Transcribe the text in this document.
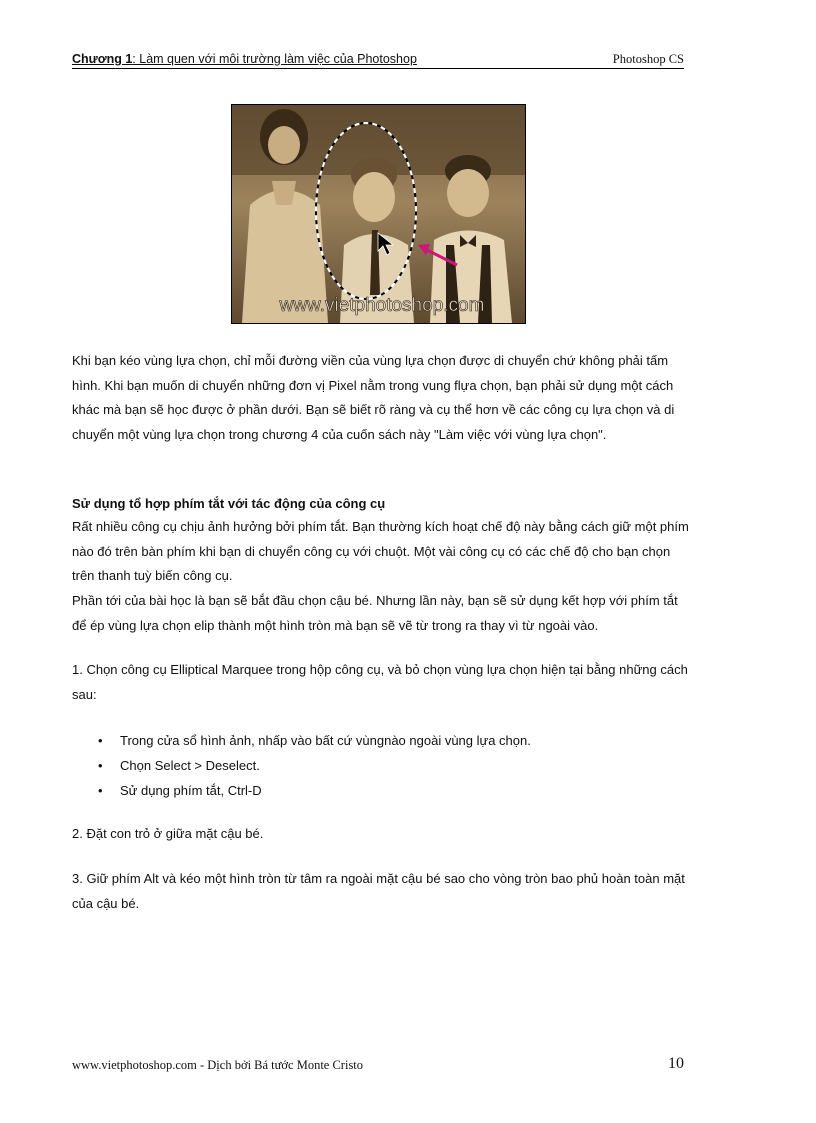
Chương 1: Làm quen với môi trường làm việc của Photoshop	Photoshop CS
www.vietphotoshop.com
Khi bạn kéo vùng lựa chọn, chỉ mỗi đường viền của vùng lựa chọn được di chuyển chứ không phải tấm hình. Khi bạn muốn di chuyển những đơn vị Pixel nằm trong vung flựa chọn, bạn phải sử dụng một cách khác mà bạn sẽ học được ở phần dưới. Bạn sẽ biết rõ ràng và cụ thể hơn về các công cụ lựa chọn và di chuyển một vùng lựa chọn trong chương 4 của cuốn sách này "Làm việc với vùng lựa chọn".
Sử dụng tổ hợp phím tắt với tác động của công cụ
Rất nhiều công cụ chịu ảnh hưởng bởi phím tắt. Bạn thường kích hoạt chế độ này bằng cách giữ một phím nào đó trên bàn phím khi bạn di chuyển công cụ với chuột. Một vài công cụ có các chế độ cho bạn chọn trên thanh tuỳ biến công cụ.
Phần tới của bài học là bạn sẽ bắt đầu chọn cậu bé. Nhưng lần này, bạn sẽ sử dụng kết hợp với phím tắt để ép vùng lựa chọn elip thành một hình tròn mà bạn sẽ vẽ từ trong ra thay vì từ ngoài vào.
1. Chọn công cụ Elliptical Marquee trong hộp công cụ, và bỏ chọn vùng lựa chọn hiện tại bằng những cách sau:
• Trong cửa sổ hình ảnh, nhấp vào bất cứ vùngnào ngoài vùng lựa chọn.
• Chọn Select > Deselect.
• Sử dụng phím tắt, Ctrl-D
2. Đặt con trỏ ở giữa mặt cậu bé.
3. Giữ phím Alt và kéo một hình tròn từ tâm ra ngoài mặt cậu bé sao cho vòng tròn bao phủ hoàn toàn mặt của cậu bé.
www.vietphotoshop.com - Dịch bởi Bá tước Monte Cristo	10
